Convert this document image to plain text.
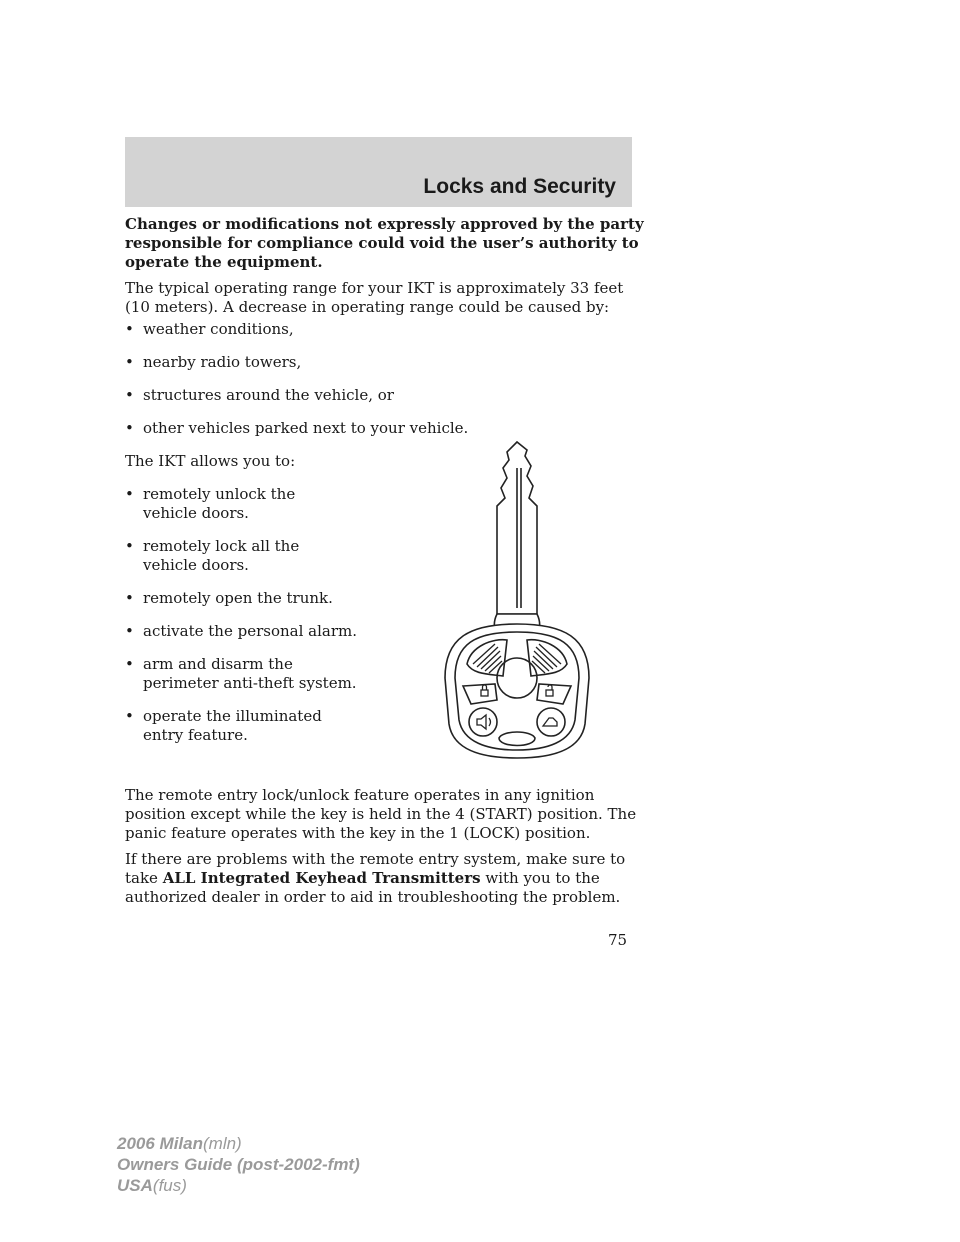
Locks and Security

Changes or modifications not expressly approved by the party responsible for compliance could void the user’s authority to operate the equipment.

The typical operating range for your IKT is approximately 33 feet (10 meters). A decrease in operating range could be caused by:

• weather conditions,
• nearby radio towers,
• structures around the vehicle, or
• other vehicles parked next to your vehicle.

The IKT allows you to:

• remotely unlock the vehicle doors.
• remotely lock all the vehicle doors.
• remotely open the trunk.
• activate the personal alarm.
• arm and disarm the perimeter anti-theft system.
• operate the illuminated entry feature.

The remote entry lock/unlock feature operates in any ignition position except while the key is held in the 4 (START) position. The panic feature operates with the key in the 1 (LOCK) position.

If there are problems with the remote entry system, make sure to take ALL Integrated Keyhead Transmitters with you to the authorized dealer in order to aid in troubleshooting the problem.

75
2006 Milan(mln)
Owners Guide (post-2002-fmt)
USA(fus)
